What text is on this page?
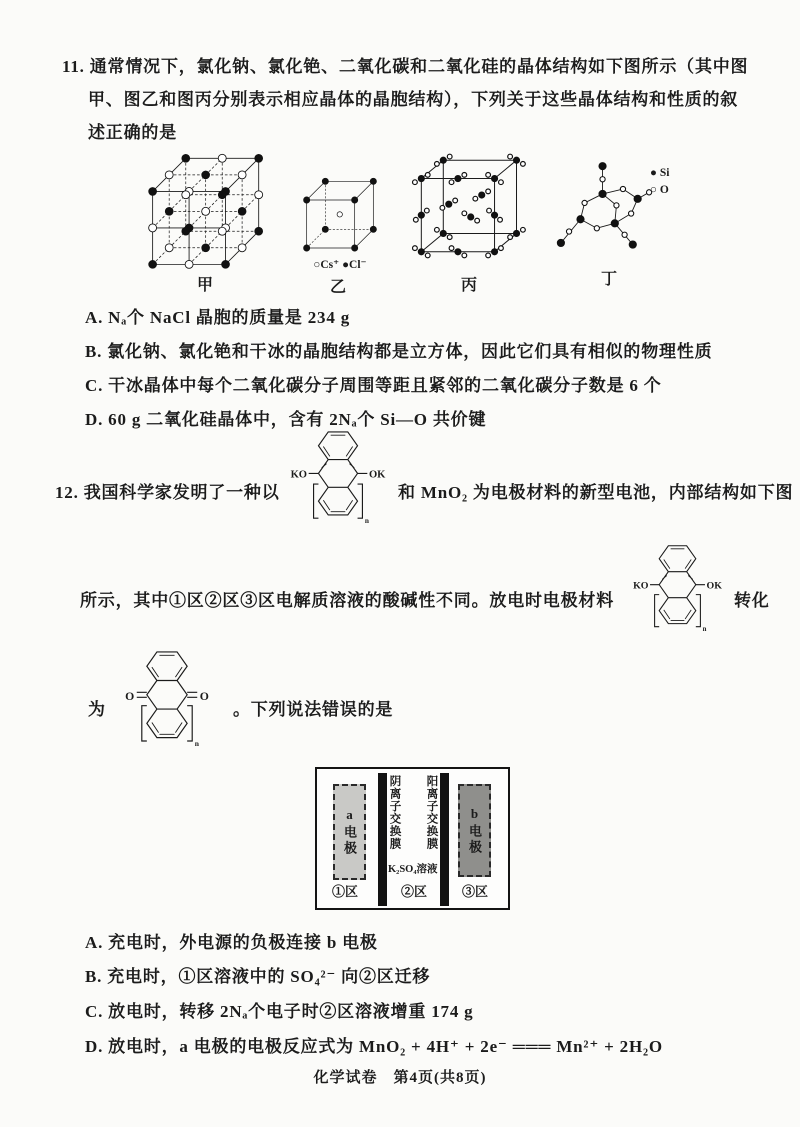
11. 通常情况下，氯化钠、氯化铯、二氧化碳和二氧化硅的晶体结构如下图所示（其中图
甲、图乙和图丙分别表示相应晶体的晶胞结构），下列关于这些晶体结构和性质的叙
述正确的是
甲
○Cs⁺ ●Cl⁻
乙	丙
● Si
○ O
丁
A. Nₐ个 NaCl 晶胞的质量是 234 g
B. 氯化钠、氯化铯和干冰的晶胞结构都是立方体，因此它们具有相似的物理性质
C. 干冰晶体中每个二氧化碳分子周围等距且紧邻的二氧化碳分子数是 6 个
D. 60 g 二氧化硅晶体中，含有 2Nₐ个 Si—O 共价键
12. 我国科学家发明了一种以
KO	OK
n
和 MnO₂ 为电极材料的新型电池，内部结构如下图
所示，其中①区②区③区电解质溶液的酸碱性不同。放电时电极材料
KO	OK
n
转化
为
O	O
n
。下列说法错误的是
a电极	阴离子交换膜 阳离子交换膜
K₂SO₄溶液
b电极
①区	②区	③区
A. 充电时，外电源的负极连接 b 电极
B. 充电时，①区溶液中的 SO₄²⁻ 向②区迁移
C. 放电时，转移 2Nₐ个电子时②区溶液增重 174 g
D. 放电时，a 电极的电极反应式为 MnO₂ + 4H⁺ + 2e⁻ ═══ Mn²⁺ + 2H₂O
化学试卷　第4页(共8页)
